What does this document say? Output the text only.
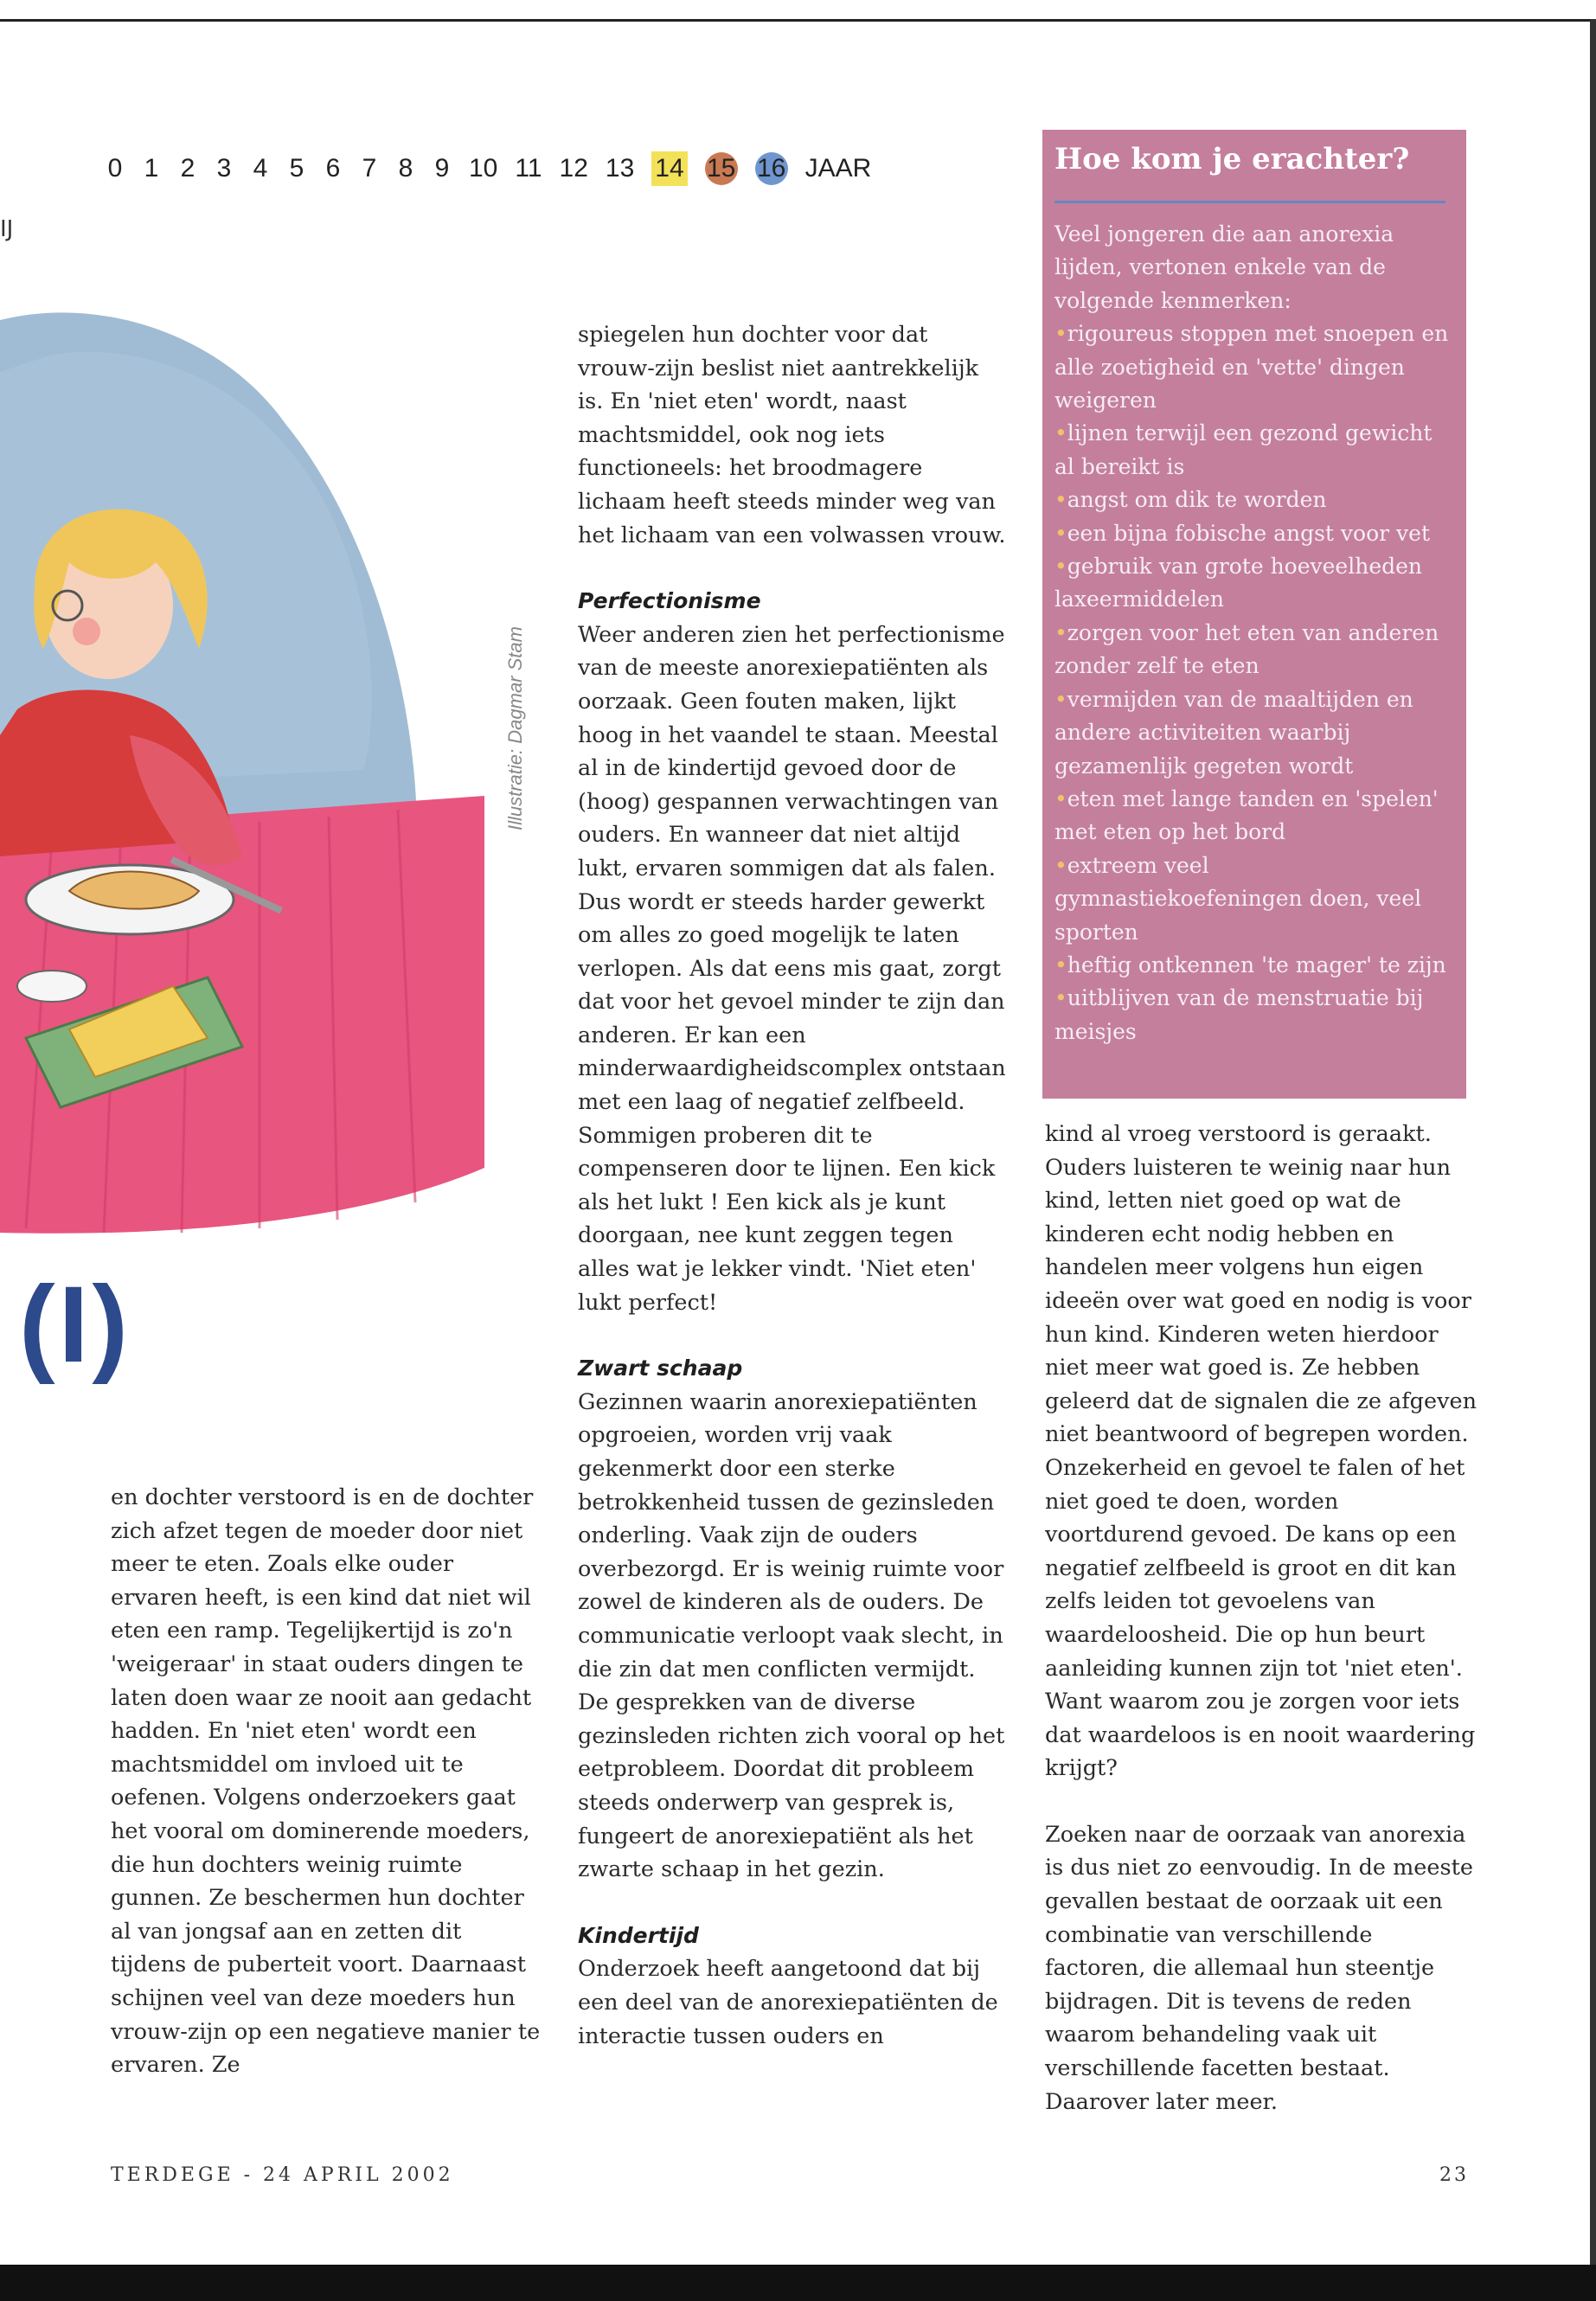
IJ
0 1 2 3 4 5 6 7 8 9 10 11 12 13 14 15 16 JAAR
Illustratie: Dagmar Stam
(I)

en dochter verstoord is en de dochter zich afzet tegen de moeder door niet meer te eten. Zoals elke ouder ervaren heeft, is een kind dat niet wil eten een ramp. Tegelijkertijd is zo'n 'weigeraar' in staat ouders dingen te laten doen waar ze nooit aan gedacht hadden. En 'niet eten' wordt een machtsmiddel om invloed uit te oefenen. Volgens onderzoekers gaat het vooral om dominerende moeders, die hun dochters weinig ruimte gunnen. Ze beschermen hun dochter al van jongsaf aan en zetten dit tijdens de puberteit voort. Daarnaast schijnen veel van deze moeders hun vrouw-zijn op een negatieve manier te ervaren. Ze

spiegelen hun dochter voor dat vrouw-zijn beslist niet aantrekkelijk is. En 'niet eten' wordt, naast machtsmiddel, ook nog iets functioneels: het broodmagere lichaam heeft steeds minder weg van het lichaam van een volwassen vrouw.

Perfectionisme

Weer anderen zien het perfectionisme van de meeste anorexiepatiënten als oorzaak. Geen fouten maken, lijkt hoog in het vaandel te staan. Meestal al in de kindertijd gevoed door de (hoog) gespannen verwachtingen van ouders. En wanneer dat niet altijd lukt, ervaren sommigen dat als falen. Dus wordt er steeds harder gewerkt om alles zo goed mogelijk te laten verlopen. Als dat eens mis gaat, zorgt dat voor het gevoel minder te zijn dan anderen. Er kan een minderwaardigheidscomplex ontstaan met een laag of negatief zelfbeeld. Sommigen proberen dit te compenseren door te lijnen. Een kick als het lukt ! Een kick als je kunt doorgaan, nee kunt zeggen tegen alles wat je lekker vindt. 'Niet eten' lukt perfect!

Zwart schaap

Gezinnen waarin anorexiepatiënten opgroeien, worden vrij vaak gekenmerkt door een sterke betrokkenheid tussen de gezinsleden onderling. Vaak zijn de ouders overbezorgd. Er is weinig ruimte voor zowel de kinderen als de ouders. De communicatie verloopt vaak slecht, in die zin dat men conflicten vermijdt. De gesprekken van de diverse gezinsleden richten zich vooral op het eetprobleem. Doordat dit probleem steeds onderwerp van gesprek is, fungeert de anorexiepatiënt als het zwarte schaap in het gezin.

Kindertijd

Onderzoek heeft aangetoond dat bij een deel van de anorexiepatiënten de interactie tussen ouders en

Hoe kom je erachter?

Veel jongeren die aan anorexia lijden, vertonen enkele van de volgende kenmerken:

•rigoureus stoppen met snoepen en alle zoetigheid en 'vette' dingen weigeren

•lijnen terwijl een gezond gewicht al bereikt is

•angst om dik te worden

•een bijna fobische angst voor vet

•gebruik van grote hoeveelheden laxeermiddelen

•zorgen voor het eten van anderen zonder zelf te eten

•vermijden van de maaltijden en andere activiteiten waarbij gezamenlijk gegeten wordt

•eten met lange tanden en 'spelen' met eten op het bord

•extreem veel gymnastiekoefeningen doen, veel sporten

•heftig ontkennen 'te mager' te zijn

•uitblijven van de menstruatie bij meisjes

kind al vroeg verstoord is geraakt. Ouders luisteren te weinig naar hun kind, letten niet goed op wat de kinderen echt nodig hebben en handelen meer volgens hun eigen ideeën over wat goed en nodig is voor hun kind. Kinderen weten hierdoor niet meer wat goed is. Ze hebben geleerd dat de signalen die ze afgeven niet beantwoord of begrepen worden. Onzekerheid en gevoel te falen of het niet goed te doen, worden voortdurend gevoed. De kans op een negatief zelfbeeld is groot en dit kan zelfs leiden tot gevoelens van waardeloosheid. Die op hun beurt aanleiding kunnen zijn tot 'niet eten'. Want waarom zou je zorgen voor iets dat waardeloos is en nooit waardering krijgt?

Zoeken naar de oorzaak van anorexia is dus niet zo eenvoudig. In de meeste gevallen bestaat de oorzaak uit een combinatie van verschillende factoren, die allemaal hun steentje bijdragen. Dit is tevens de reden waarom behandeling vaak uit verschillende facetten bestaat. Daarover later meer.

TERDEGE - 24 APRIL 2002	23
